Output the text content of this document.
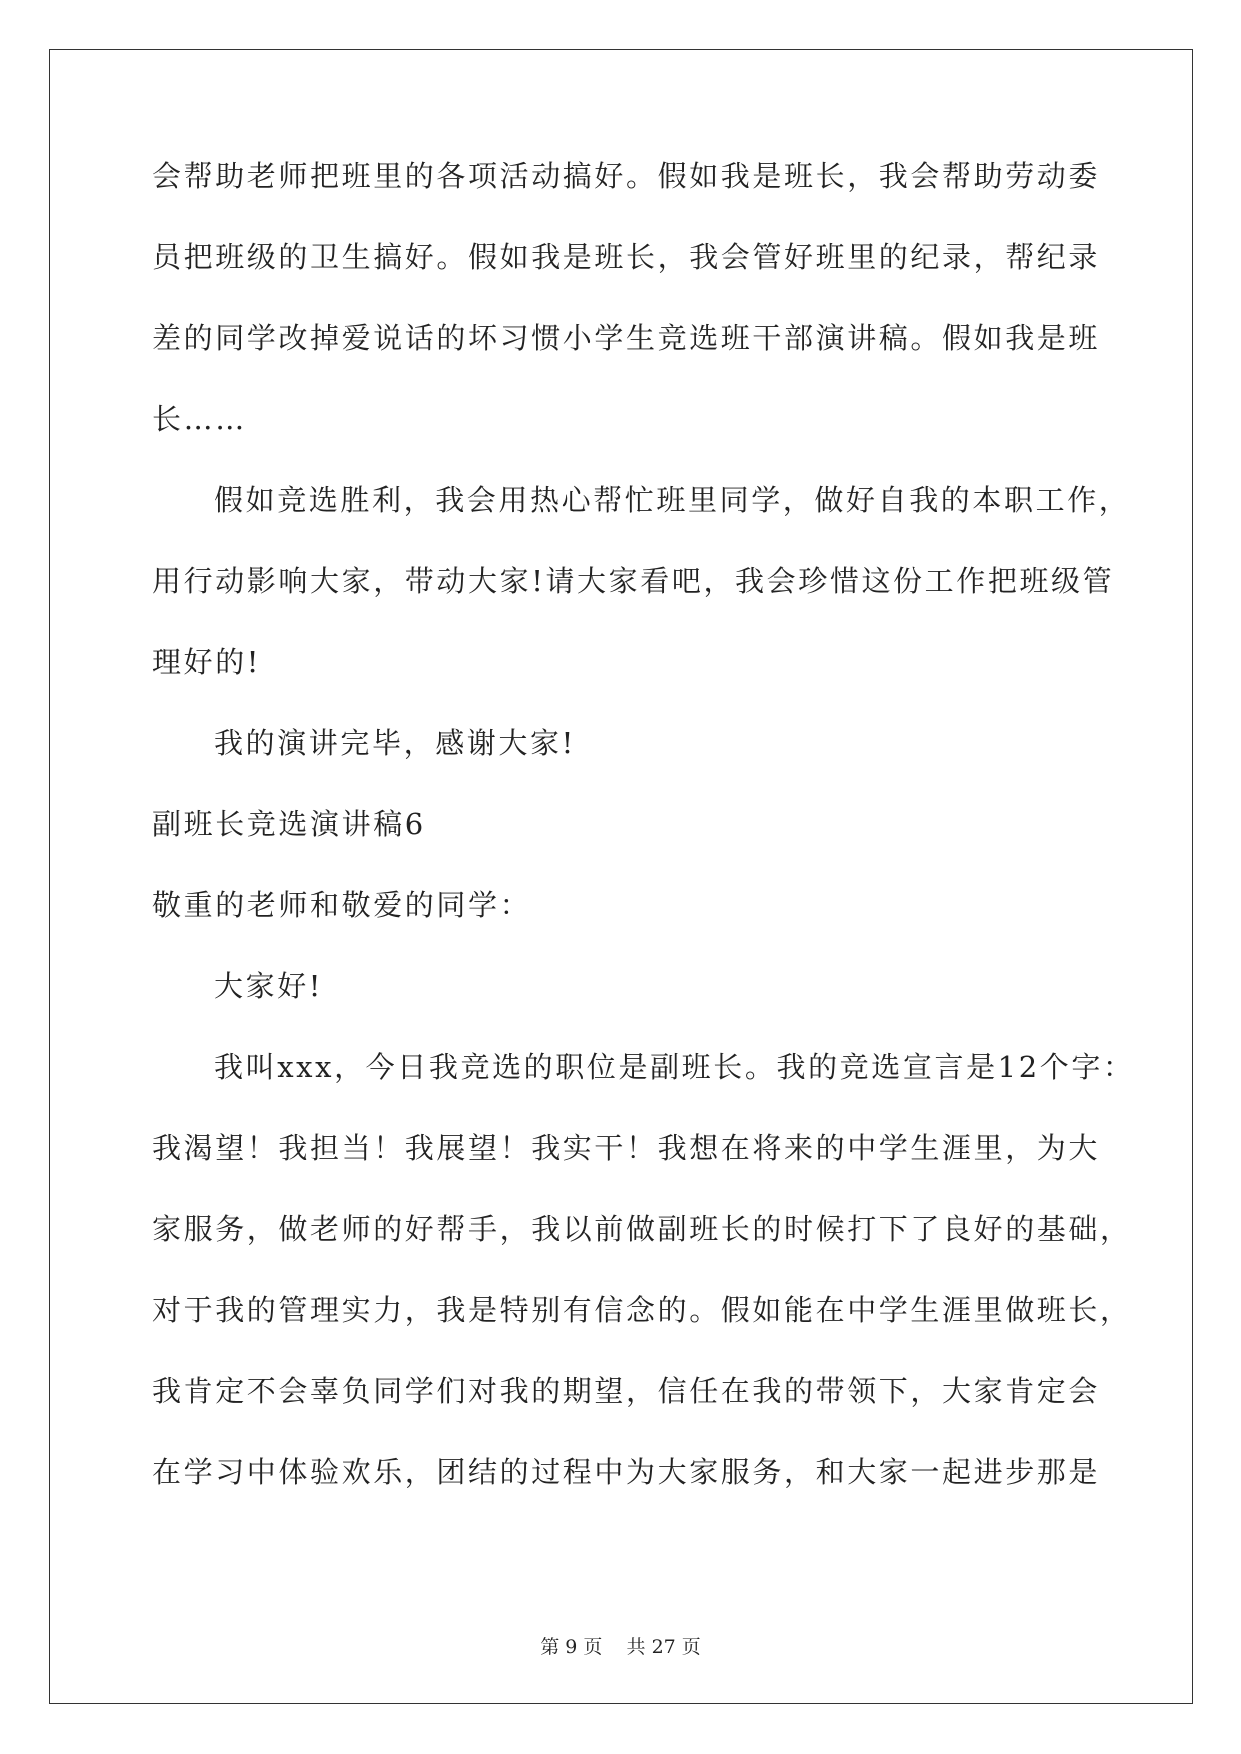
会帮助老师把班里的各项活动搞好。假如我是班长，我会帮助劳动委
员把班级的卫生搞好。假如我是班长，我会管好班里的纪录，帮纪录
差的同学改掉爱说话的坏习惯小学生竞选班干部演讲稿。假如我是班
长……
假如竞选胜利，我会用热心帮忙班里同学，做好自我的本职工作，
用行动影响大家，带动大家!请大家看吧，我会珍惜这份工作把班级管
理好的!
我的演讲完毕，感谢大家!
副班长竞选演讲稿6
敬重的老师和敬爱的同学：
大家好!
我叫xxx，今日我竞选的职位是副班长。我的竞选宣言是12个字：
我渴望！我担当！我展望！我实干！我想在将来的中学生涯里，为大
家服务，做老师的好帮手，我以前做副班长的时候打下了良好的基础，
对于我的管理实力，我是特别有信念的。假如能在中学生涯里做班长，
我肯定不会辜负同学们对我的期望，信任在我的带领下，大家肯定会
在学习中体验欢乐，团结的过程中为大家服务，和大家一起进步那是
第 9 页    共 27 页
